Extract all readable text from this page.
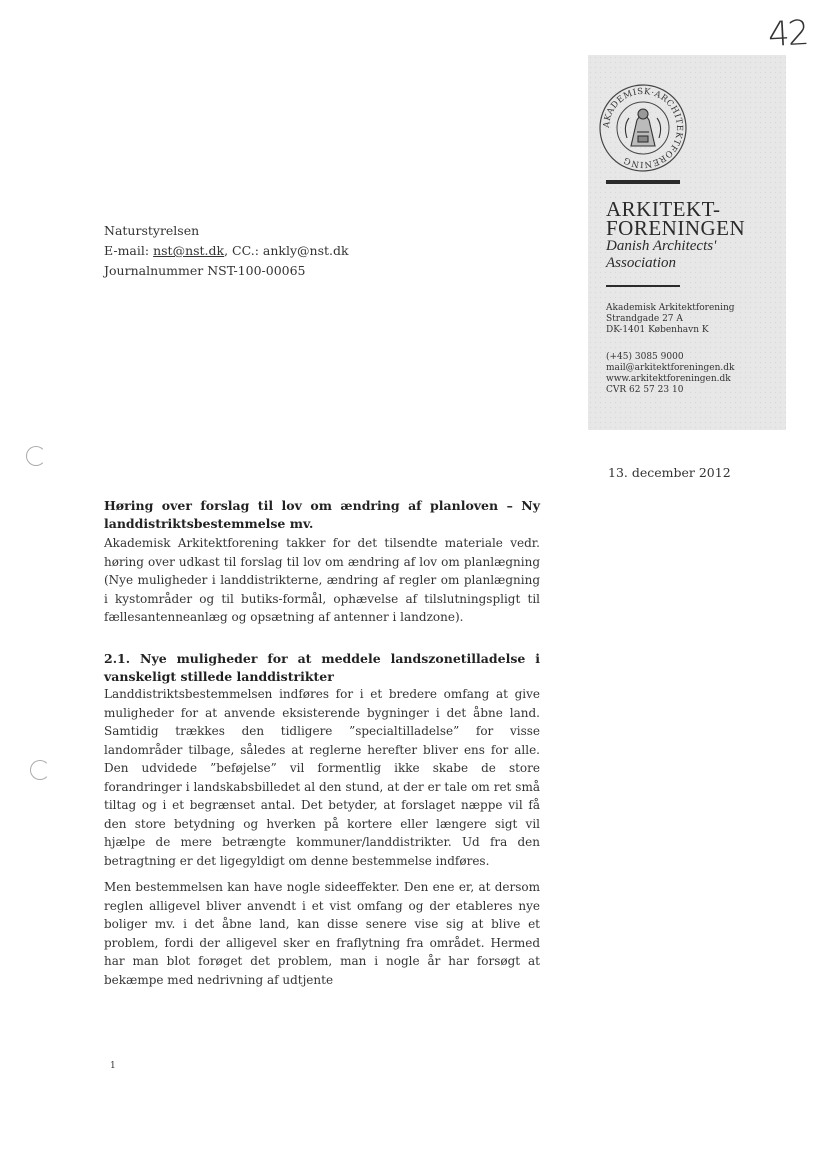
42
AKADEMISK·ARCHITEKTFORENING
ARKITEKT-
FORENINGEN
Danish Architects'
Association
Akademisk Arkitektforening
Strandgade 27 A
DK-1401 København K
(+45) 3085 9000
mail@arkitektforeningen.dk
www.arkitektforeningen.dk
CVR 62 57 23 10
Naturstyrelsen
E-mail: nst@nst.dk, CC.: ankly@nst.dk
Journalnummer NST-100-00065
13. december 2012
Høring over forslag til lov om ændring af planloven – Ny landdistriktsbestemmelse mv.
Akademisk Arkitektforening takker for det tilsendte materiale vedr. høring over udkast til forslag til lov om ændring af lov om planlægning (Nye muligheder i landdistrikterne, ændring af regler om planlægning i kystområder og til butiks-formål, ophævelse af tilslutningspligt til fællesantenneanlæg og opsætning af antenner i landzone).
2.1. Nye muligheder for at meddele landszonetilladelse i vanskeligt stillede landdistrikter
Landdistriktsbestemmelsen indføres for i et bredere omfang at give muligheder for at anvende eksisterende bygninger i det åbne land. Samtidig trækkes den tidligere ”specialtilladelse” for visse landområder tilbage, således at reglerne herefter bliver ens for alle. Den udvidede ”beføjelse” vil formentlig ikke skabe de store forandringer i landskabsbilledet al den stund, at der er tale om ret små tiltag og i et begrænset antal. Det betyder, at forslaget næppe vil få den store betydning og hverken på kortere eller længere sigt vil hjælpe de mere betrængte kommuner/landdistrikter. Ud fra den betragtning er det ligegyldigt om denne bestemmelse indføres.
Men bestemmelsen kan have nogle sideeffekter. Den ene er, at dersom reglen alligevel bliver anvendt i et vist omfang og der etableres nye boliger mv. i det åbne land, kan disse senere vise sig at blive et problem, fordi der alligevel sker en fraflytning fra området. Hermed har man blot forøget det problem, man i nogle år har forsøgt at bekæmpe med nedrivning af udtjente
1
